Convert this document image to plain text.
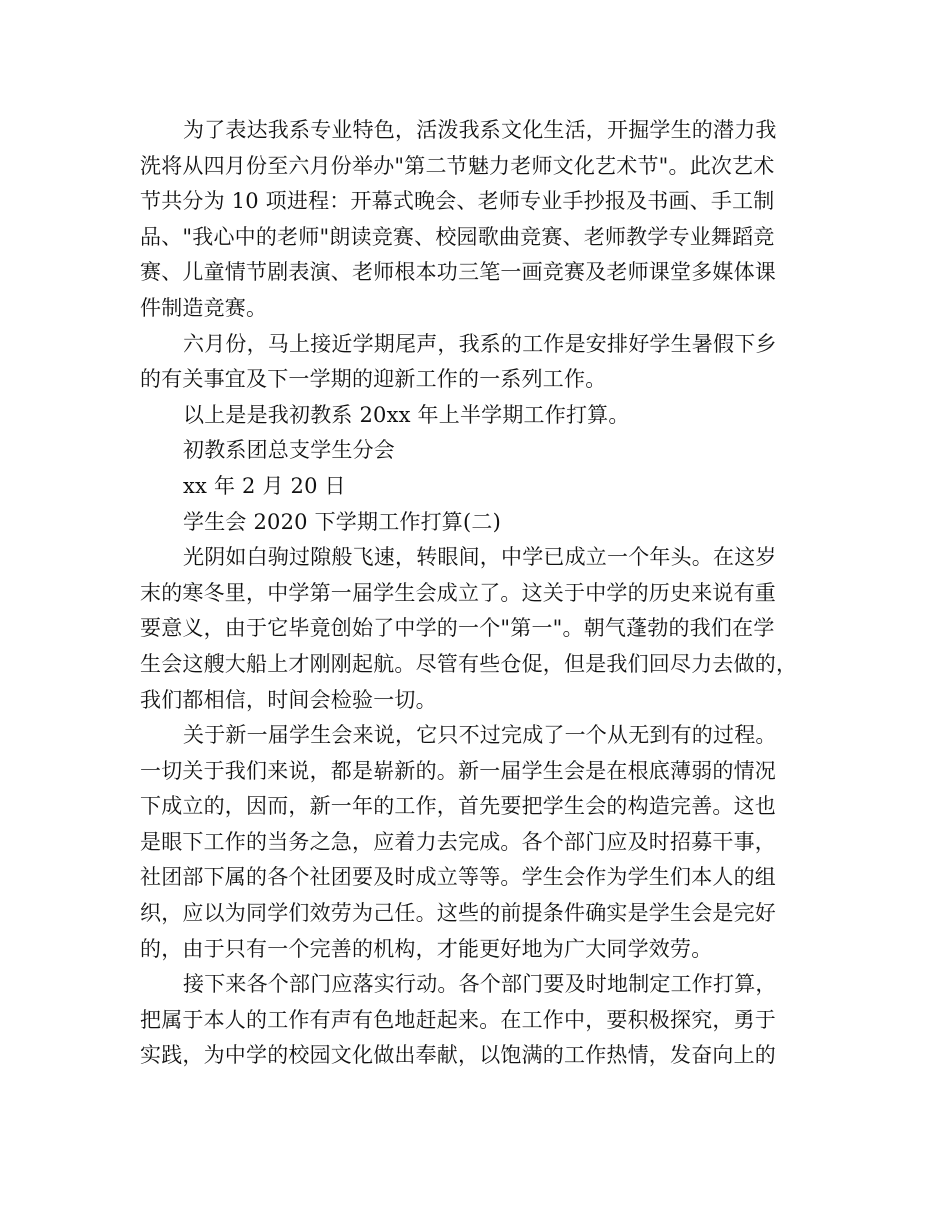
为了表达我系专业特色，活泼我系文化生活，开掘学生的潜力我
洗将从四月份至六月份举办"第二节魅力老师文化艺术节"。此次艺术
节共分为 10 项进程：开幕式晚会、老师专业手抄报及书画、手工制
品、"我心中的老师"朗读竞赛、校园歌曲竞赛、老师教学专业舞蹈竞
赛、儿童情节剧表演、老师根本功三笔一画竞赛及老师课堂多媒体课
件制造竞赛。
六月份，马上接近学期尾声，我系的工作是安排好学生暑假下乡
的有关事宜及下一学期的迎新工作的一系列工作。
以上是是我初教系 20xx 年上半学期工作打算。
初教系团总支学生分会
xx 年 2 月 20 日
学生会 2020 下学期工作打算(二)
光阴如白驹过隙般飞速，转眼间，中学已成立一个年头。在这岁
末的寒冬里，中学第一届学生会成立了。这关于中学的历史来说有重
要意义，由于它毕竟创始了中学的一个"第一"。朝气蓬勃的我们在学
生会这艘大船上才刚刚起航。尽管有些仓促，但是我们回尽力去做的，
我们都相信，时间会检验一切。
关于新一届学生会来说，它只不过完成了一个从无到有的过程。
一切关于我们来说，都是崭新的。新一届学生会是在根底薄弱的情况
下成立的，因而，新一年的工作，首先要把学生会的构造完善。这也
是眼下工作的当务之急，应着力去完成。各个部门应及时招募干事，
社团部下属的各个社团要及时成立等等。学生会作为学生们本人的组
织，应以为同学们效劳为己任。这些的前提条件确实是学生会是完好
的，由于只有一个完善的机构，才能更好地为广大同学效劳。
接下来各个部门应落实行动。各个部门要及时地制定工作打算，
把属于本人的工作有声有色地赶起来。在工作中，要积极探究，勇于
实践，为中学的校园文化做出奉献，以饱满的工作热情，发奋向上的
